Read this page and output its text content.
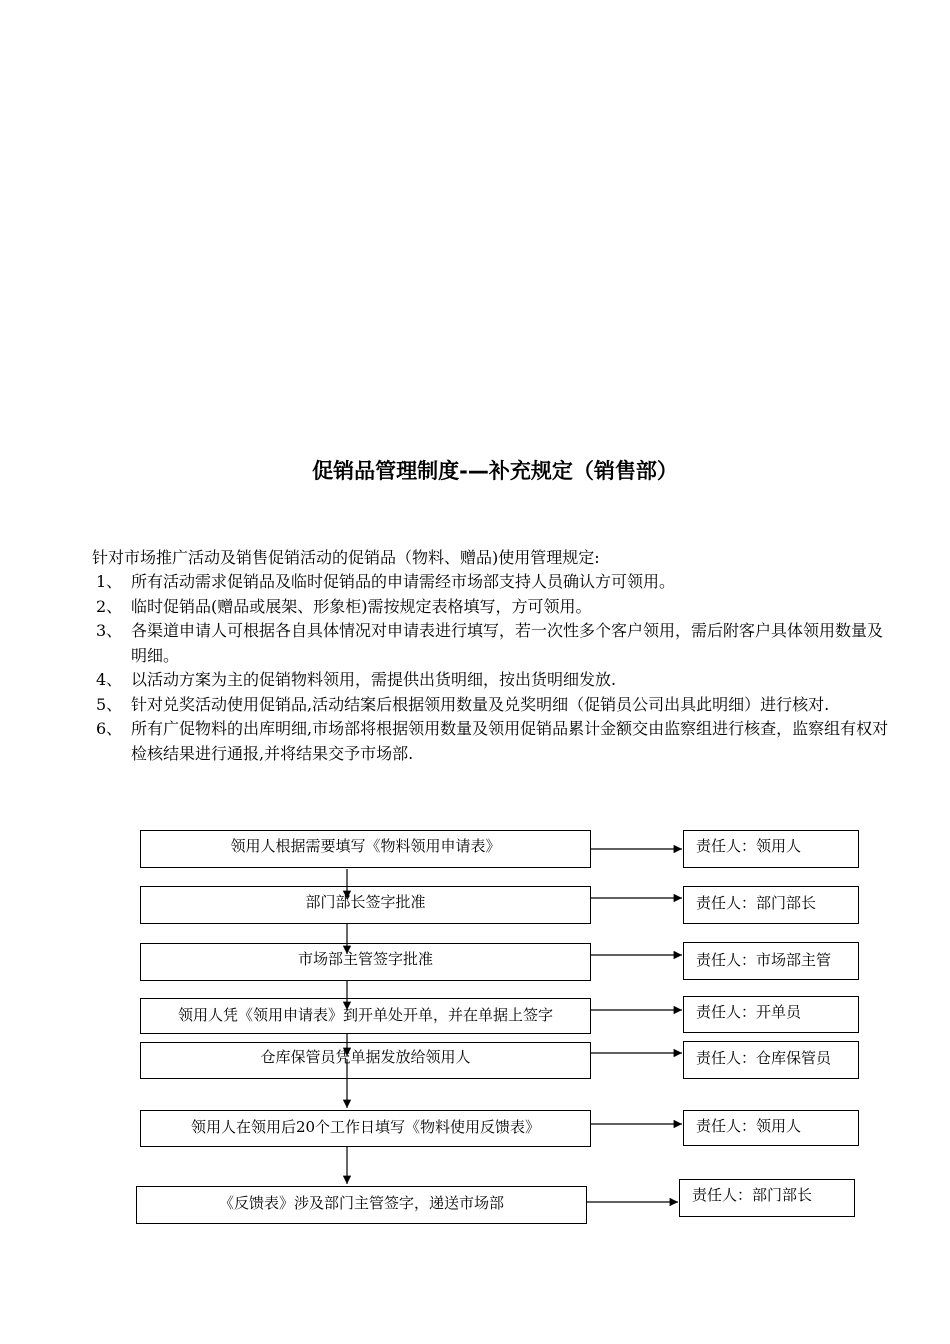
促销品管理制度-—补充规定（销售部）
针对市场推广活动及销售促销活动的促销品（物料、赠品)使用管理规定:
1、 所有活动需求促销品及临时促销品的申请需经市场部支持人员确认方可领用。
2、 临时促销品(赠品或展架、形象柜)需按规定表格填写，方可领用。
3、 各渠道申请人可根据各自具体情况对申请表进行填写，若一次性多个客户领用，需后附客户具体领用数量及明细。
4、 以活动方案为主的促销物料领用，需提供出货明细，按出货明细发放.
5、 针对兑奖活动使用促销品,活动结案后根据领用数量及兑奖明细（促销员公司出具此明细）进行核对.
6、 所有广促物料的出库明细,市场部将根据领用数量及领用促销品累计金额交由监察组进行核查，监察组有权对检核结果进行通报,并将结果交予市场部.
领用人根据需要填写《物料领用申请表》
部门部长签字批准
市场部主管签字批准
领用人凭《领用申请表》到开单处开单，并在单据上签字
仓库保管员凭单据发放给领用人
领用人在领用后20个工作日填写《物料使用反馈表》
《反馈表》涉及部门主管签字，递送市场部
责任人：领用人
责任人：部门部长
责任人：市场部主管
责任人：开单员
责任人：仓库保管员
责任人：领用人
责任人：部门部长
